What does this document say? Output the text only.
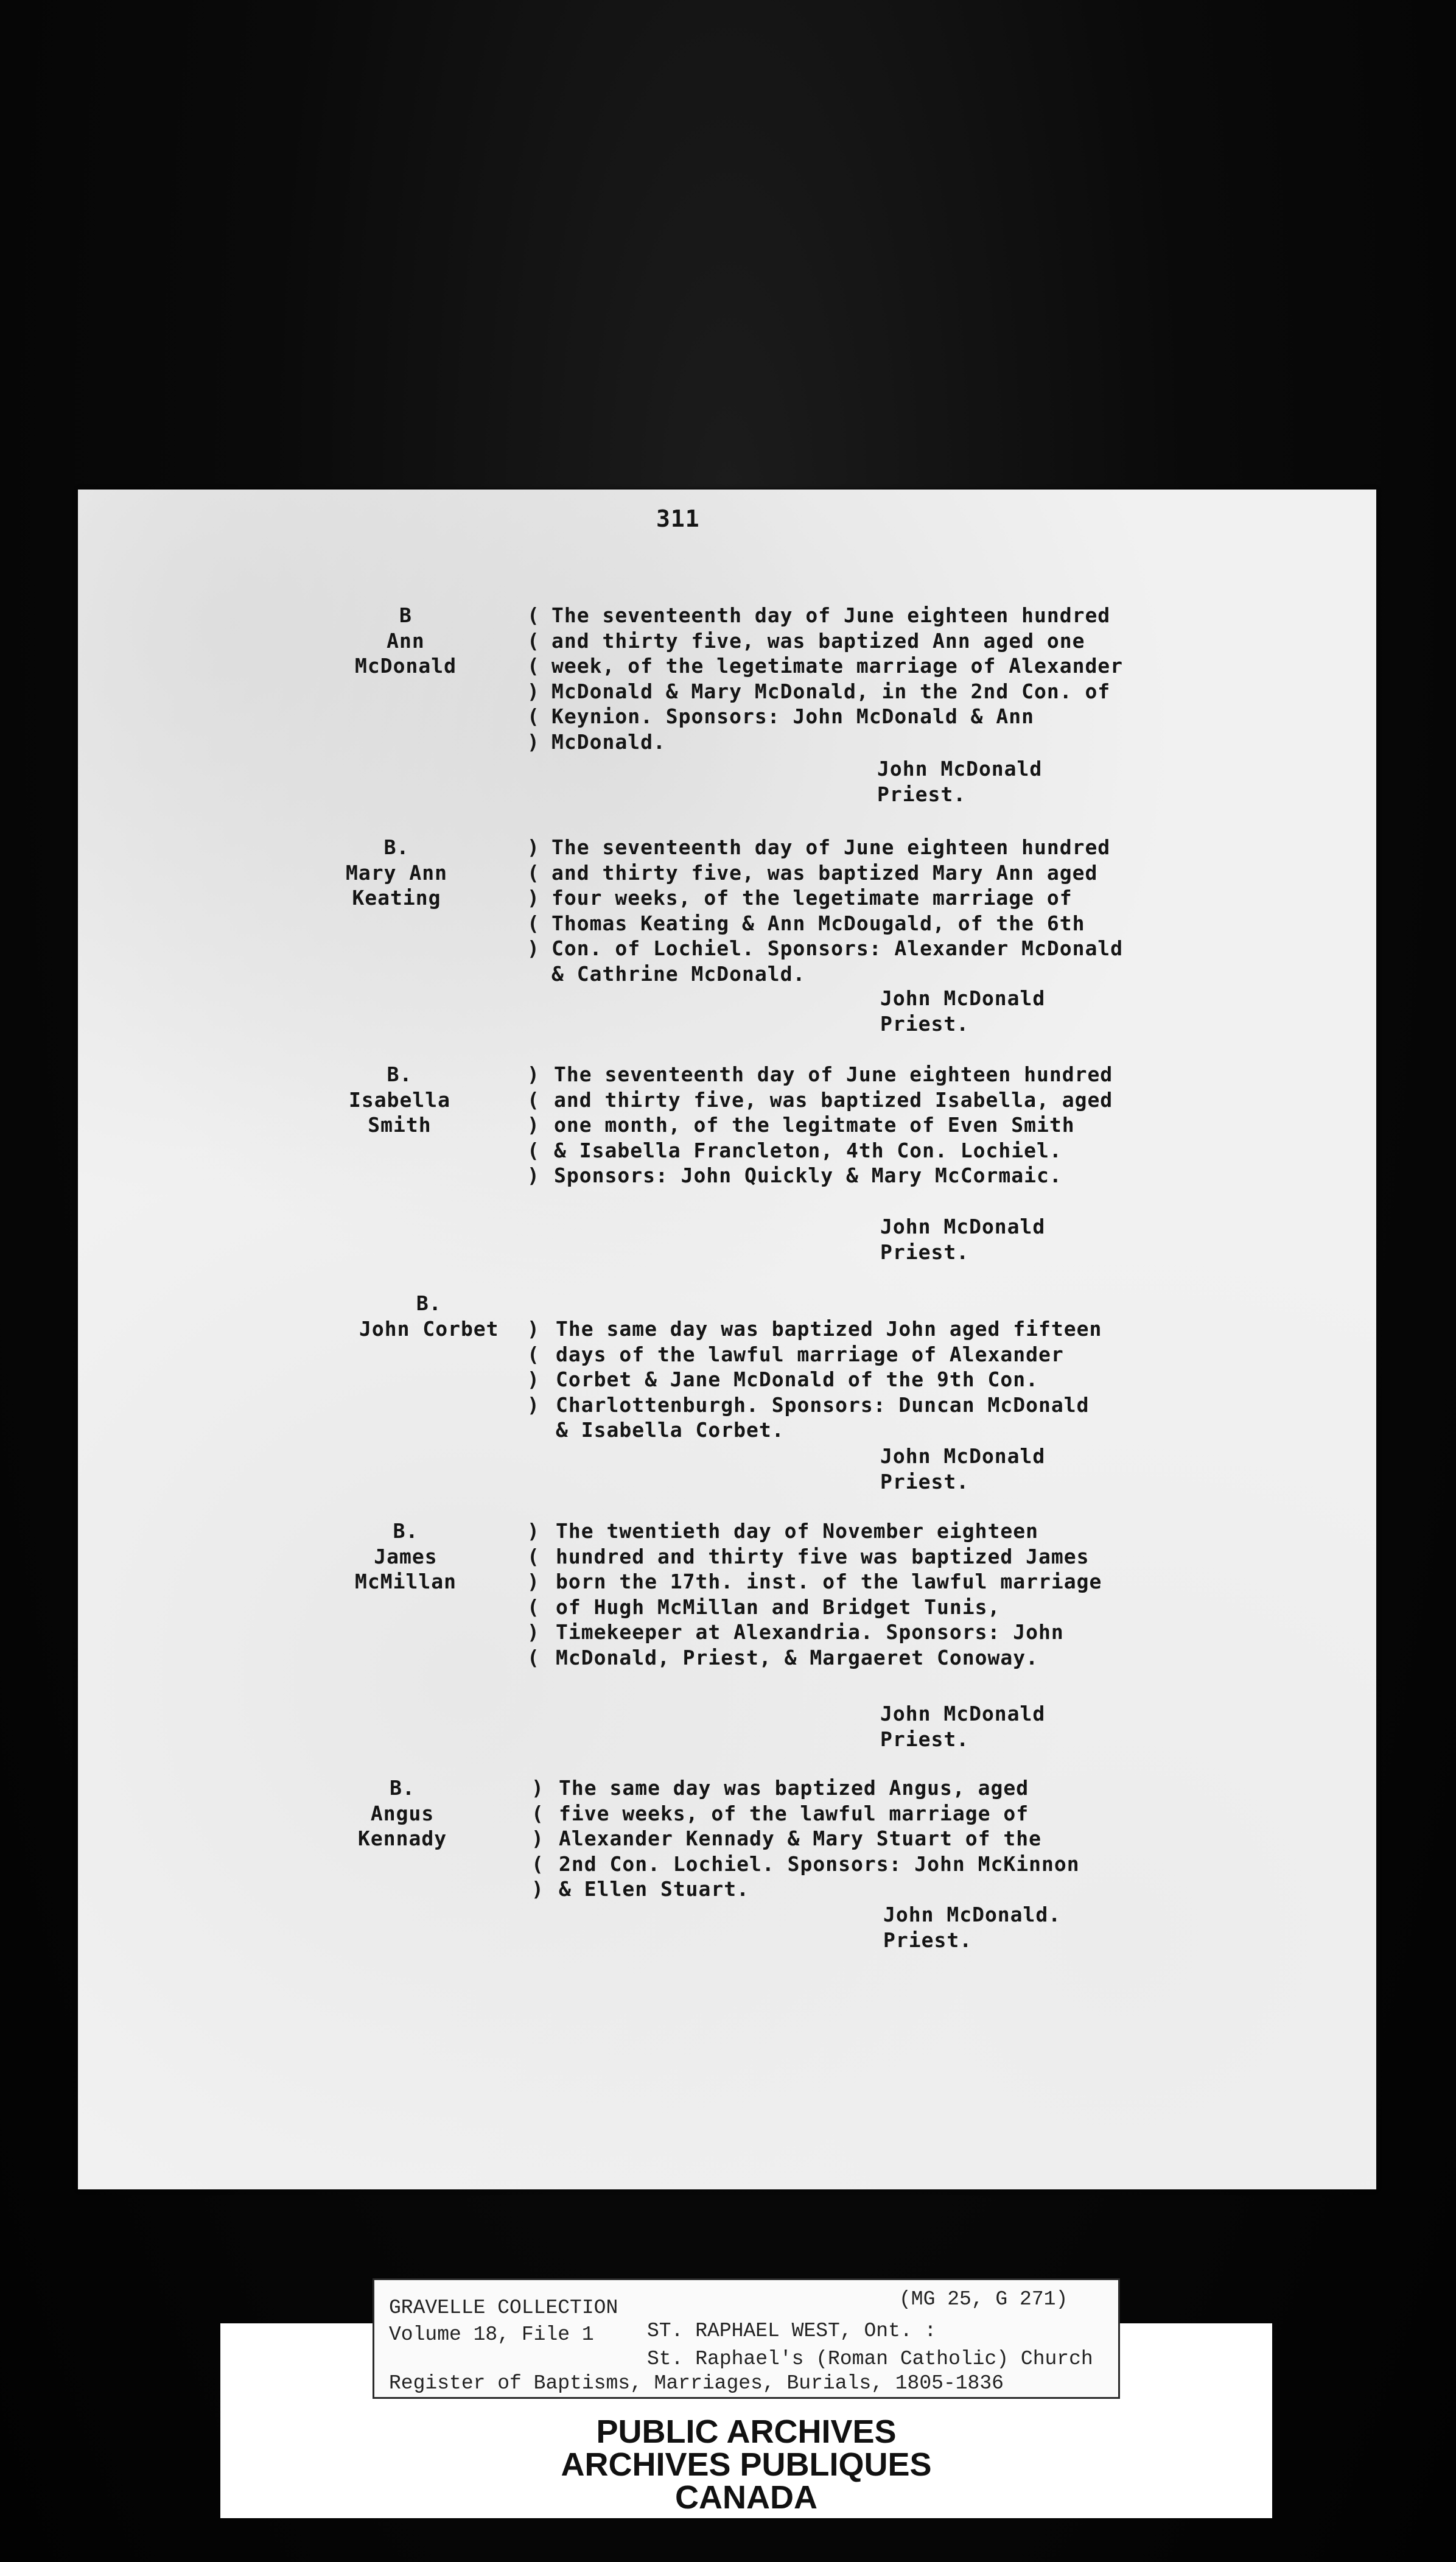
311
B
Ann
McDonald
(
(
(
)
(
)
The seventeenth day of June eighteen hundred
and thirty five, was baptized Ann aged one
week, of the legetimate marriage of Alexander
McDonald & Mary McDonald, in the 2nd Con. of
Keynion. Sponsors: John McDonald & Ann
McDonald.
John McDonald
Priest.
B.
Mary Ann
Keating
)
(
)
(
)
The seventeenth day of June eighteen hundred
and thirty five, was baptized Mary Ann aged
four weeks, of the legetimate marriage of
Thomas Keating & Ann McDougald, of the 6th
Con. of Lochiel. Sponsors: Alexander McDonald
& Cathrine McDonald.
John McDonald
Priest.
B.
Isabella
Smith
)
(
)
(
)
The seventeenth day of June eighteen hundred
and thirty five, was baptized Isabella, aged
one month, of the legitmate of Even Smith
& Isabella Francleton, 4th Con. Lochiel.
Sponsors: John Quickly & Mary McCormaic.
John McDonald
Priest.
B.
John Corbet )
(
)
)
The same day was baptized John aged fifteen
days of the lawful marriage of Alexander
Corbet & Jane McDonald of the 9th Con.
Charlottenburgh. Sponsors: Duncan McDonald
& Isabella Corbet.
John McDonald
Priest.
B.
James
McMillan
)
(
)
(
)
(
The twentieth day of November eighteen
hundred and thirty five was baptized James
born the 17th. inst. of the lawful marriage
of Hugh McMillan and Bridget Tunis,
Timekeeper at Alexandria. Sponsors: John
McDonald, Priest, & Margaeret Conoway.
John McDonald
Priest.
B.
Angus
Kennady
)
(
)
(
)
The same day was baptized Angus, aged
five weeks, of the lawful marriage of
Alexander Kennady & Mary Stuart of the
2nd Con. Lochiel. Sponsors: John McKinnon
& Ellen Stuart.
John McDonald.
Priest.
PUBLIC ARCHIVES
ARCHIVES PUBLIQUES
CANADA
GRAVELLE COLLECTION	(MG 25, G 271)
Volume 18, File 1	ST. RAPHAEL WEST, Ont. :
St. Raphael's (Roman Catholic) Church
Register of Baptisms, Marriages, Burials, 1805-1836
